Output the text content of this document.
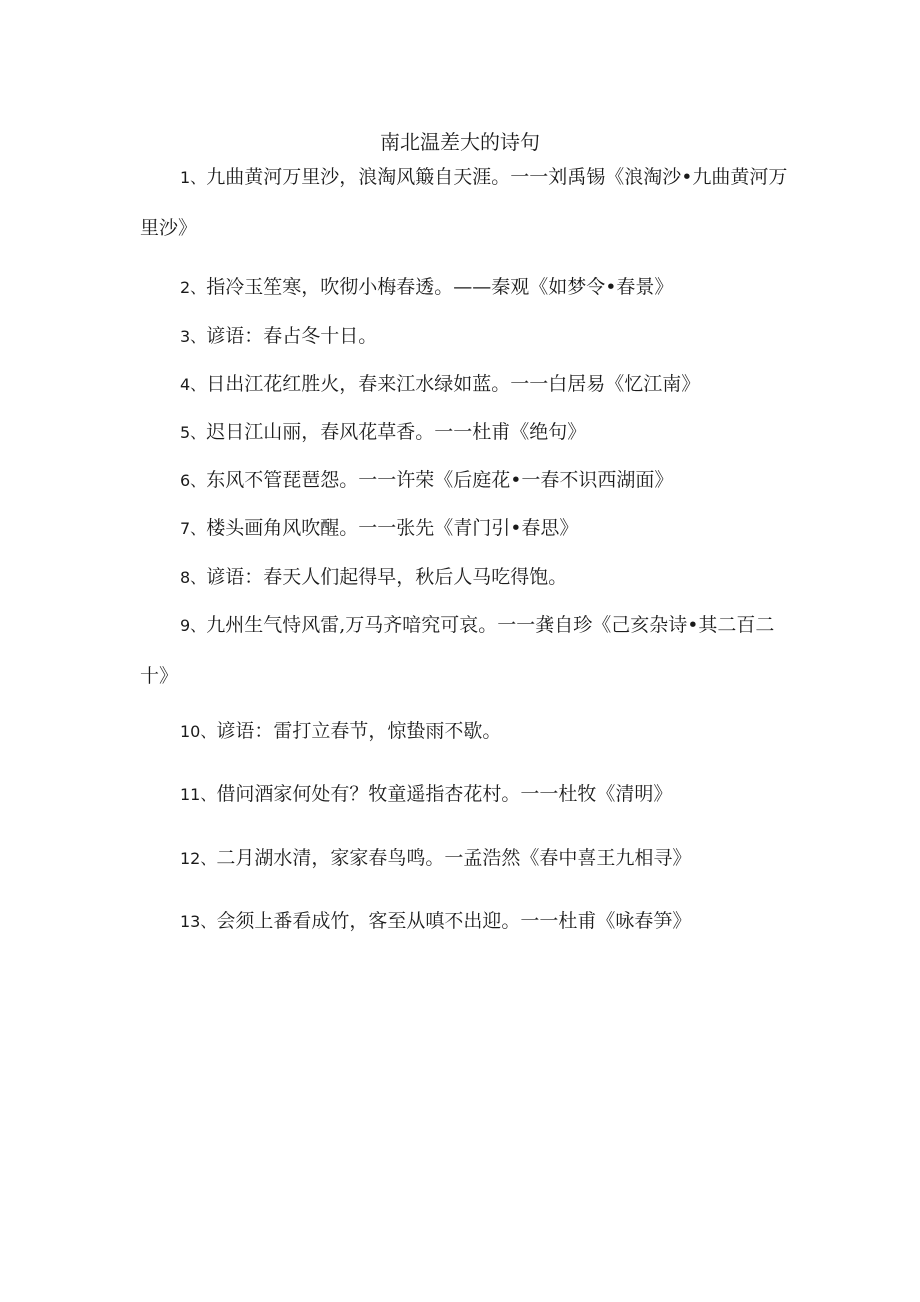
南北温差大的诗句

1、九曲黄河万里沙，浪淘风簸自天涯。一一刘禹锡《浪淘沙•九曲黄河万里沙》

2、指冷玉笙寒，吹彻小梅春透。——秦观《如梦令•春景》

3、谚语：春占冬十日。

4、日出江花红胜火，春来江水绿如蓝。一一白居易《忆江南》

5、迟日江山丽，春风花草香。一一杜甫《绝句》

6、东风不管琵琶怨。一一许荣《后庭花•一春不识西湖面》

7、楼头画角风吹醒。一一张先《青门引•春思》

8、谚语：春天人们起得早，秋后人马吃得饱。

9、九州生气恃风雷,万马齐喑究可哀。一一龚自珍《己亥杂诗•其二百二十》

10、谚语：雷打立春节，惊蛰雨不歇。

11、借问酒家何处有？牧童遥指杏花村。一一杜牧《清明》

12、二月湖水清，家家春鸟鸣。一孟浩然《春中喜王九相寻》

13、会须上番看成竹，客至从嗔不出迎。一一杜甫《咏春笋》
